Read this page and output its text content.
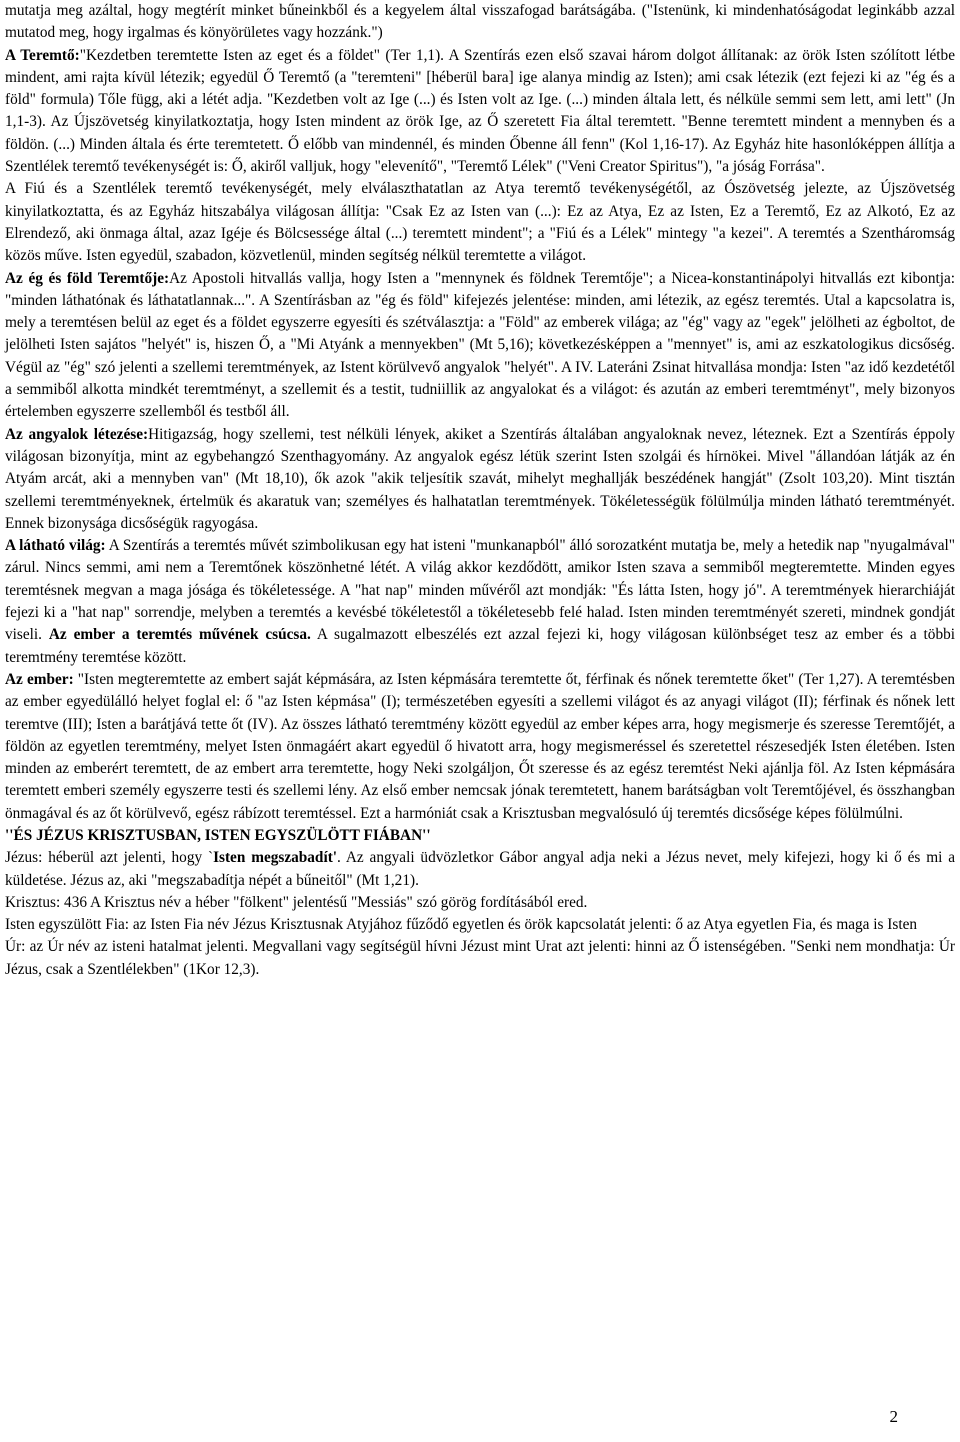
mutatja meg azáltal, hogy megtérít minket bűneinkből és a kegyelem által visszafogad barátságába. ("Istenünk, ki mindenhatóságodat leginkább azzal mutatod meg, hogy irgalmas és könyörületes vagy hozzánk.")

A Teremtő:"Kezdetben teremtette Isten az eget és a földet" (Ter 1,1). A Szentírás ezen első szavai három dolgot állítanak: az örök Isten szólított létbe mindent, ami rajta kívül létezik; egyedül Ő Teremtő (a "teremteni" [héberül bara] ige alanya mindig az Isten); ami csak létezik (ezt fejezi ki az "ég és a föld" formula) Tőle függ, aki a létét adja. "Kezdetben volt az Ige (...) és Isten volt az Ige. (...) minden általa lett, és nélküle semmi sem lett, ami lett" (Jn 1,1-3). Az Újszövetség kinyilatkoztatja, hogy Isten mindent az örök Ige, az Ő szeretett Fia által teremtett. "Benne teremtett mindent a mennyben és a földön. (...) Minden általa és érte teremtetett. Ő előbb van mindennél, és minden Őbenne áll fenn" (Kol 1,16-17). Az Egyház hite hasonlóképpen állítja a Szentlélek teremtő tevékenységét is: Ő, akiről valljuk, hogy "elevenítő", "Teremtő Lélek" ("Veni Creator Spiritus"), "a jóság Forrása".

A Fiú és a Szentlélek teremtő tevékenységét, mely elválaszthatatlan az Atya teremtő tevékenységétől, az Ószövetség jelezte, az Újszövetség kinyilatkoztatta, és az Egyház hitszabálya világosan állítja: "Csak Ez az Isten van (...): Ez az Atya, Ez az Isten, Ez a Teremtő, Ez az Alkotó, Ez az Elrendező, aki önmaga által, azaz Igéje és Bölcsessége által (...) teremtett mindent"; a "Fiú és a Lélek" mintegy "a kezei". A teremtés a Szentháromság közös műve. Isten egyedül, szabadon, közvetlenül, minden segítség nélkül teremtette a világot.

Az ég és föld Teremtője:Az Apostoli hitvallás vallja, hogy Isten a "mennynek és földnek Teremtője"; a Nicea-konstantinápolyi hitvallás ezt kibontja: "minden láthatónak és láthatatlannak...". A Szentírásban az "ég és föld" kifejezés jelentése: minden, ami létezik, az egész teremtés. Utal a kapcsolatra is, mely a teremtésen belül az eget és a földet egyszerre egyesíti és szétválasztja: a "Föld" az emberek világa; az "ég" vagy az "egek" jelölheti az égboltot, de jelölheti Isten sajátos "helyét" is, hiszen Ő, a "Mi Atyánk a mennyekben" (Mt 5,16); következésképpen a "mennyet" is, ami az eszkatologikus dicsőség. Végül az "ég" szó jelenti a szellemi teremtmények, az Istent körülvevő angyalok "helyét". A IV. Lateráni Zsinat hitvallása mondja: Isten "az idő kezdetétől a semmiből alkotta mindkét teremtményt, a szellemit és a testit, tudniillik az angyalokat és a világot: és azután az emberi teremtményt", mely bizonyos értelemben egyszerre szellemből és testből áll.

Az angyalok létezése:Hitigazság, hogy szellemi, test nélküli lények, akiket a Szentírás általában angyaloknak nevez, léteznek. Ezt a Szentírás éppoly világosan bizonyítja, mint az egybehangzó Szenthagyomány. Az angyalok egész létük szerint Isten szolgái és hírnökei. Mivel "állandóan látják az én Atyám arcát, aki a mennyben van" (Mt 18,10), ők azok "akik teljesítik szavát, mihelyt meghallják beszédének hangját" (Zsolt 103,20). Mint tisztán szellemi teremtményeknek, értelmük és akaratuk van; személyes és halhatatlan teremtmények. Tökéletességük fölülmúlja minden látható teremtményét. Ennek bizonysága dicsőségük ragyogása.

A látható világ: A Szentírás a teremtés művét szimbolikusan egy hat isteni "munkanapból" álló sorozatként mutatja be, mely a hetedik nap "nyugalmával" zárul. Nincs semmi, ami nem a Teremtőnek köszönhetné létét. A világ akkor kezdődött, amikor Isten szava a semmiből megteremtette. Minden egyes teremtésnek megvan a maga jósága és tökéletessége. A "hat nap" minden művéről azt mondják: "És látta Isten, hogy jó". A teremtmények hierarchiáját fejezi ki a "hat nap" sorrendje, melyben a teremtés a kevésbé tökéletestől a tökéletesebb felé halad. Isten minden teremtményét szereti, mindnek gondját viseli. Az ember a teremtés művének csúcsa. A sugalmazott elbeszélés ezt azzal fejezi ki, hogy világosan különbséget tesz az ember és a többi teremtmény teremtése között.

Az ember: "Isten megteremtette az embert saját képmására, az Isten képmására teremtette őt, férfinak és nőnek teremtette őket" (Ter 1,27). A teremtésben az ember egyedülálló helyet foglal el: ő "az Isten képmása" (I); természetében egyesíti a szellemi világot és az anyagi világot (II); férfinak és nőnek lett teremtve (III); Isten a barátjává tette őt (IV). Az összes látható teremtmény között egyedül az ember képes arra, hogy megismerje és szeresse Teremtőjét, a földön az egyetlen teremtmény, melyet Isten önmagáért akart egyedül ő hivatott arra, hogy megismeréssel és szeretettel részesedjék Isten életében. Isten minden az emberért teremtett, de az embert arra teremtette, hogy Neki szolgáljon, Őt szeresse és az egész teremtést Neki ajánlja föl. Az Isten képmására teremtett emberi személy egyszerre testi és szellemi lény. Az első ember nemcsak jónak teremtetett, hanem barátságban volt Teremtőjével, és összhangban önmagával és az őt körülvevő, egész rábízott teremtéssel. Ezt a harmóniát csak a Krisztusban megvalósuló új teremtés dicsősége képes fölülmúlni.

''ÉS JÉZUS KRISZTUSBAN, ISTEN EGYSZÜLÖTT FIÁBAN''

Jézus: héberül azt jelenti, hogy `Isten megszabadít'. Az angyali üdvözletkor Gábor angyal adja neki a Jézus nevet, mely kifejezi, hogy ki ő és mi a küldetése. Jézus az, aki "megszabadítja népét a bűneitől" (Mt 1,21).

Krisztus: 436 A Krisztus név a héber "fölkent" jelentésű "Messiás" szó görög fordításából ered.

Isten egyszülött Fia: az Isten Fia név Jézus Krisztusnak Atyjához fűződő egyetlen és örök kapcsolatát jelenti: ő az Atya egyetlen Fia, és maga is Isten

Úr: az Úr név az isteni hatalmat jelenti. Megvallani vagy segítségül hívni Jézust mint Urat azt jelenti: hinni az Ő istenségében. "Senki nem mondhatja: Úr Jézus, csak a Szentlélekben" (1Kor 12,3).

2
